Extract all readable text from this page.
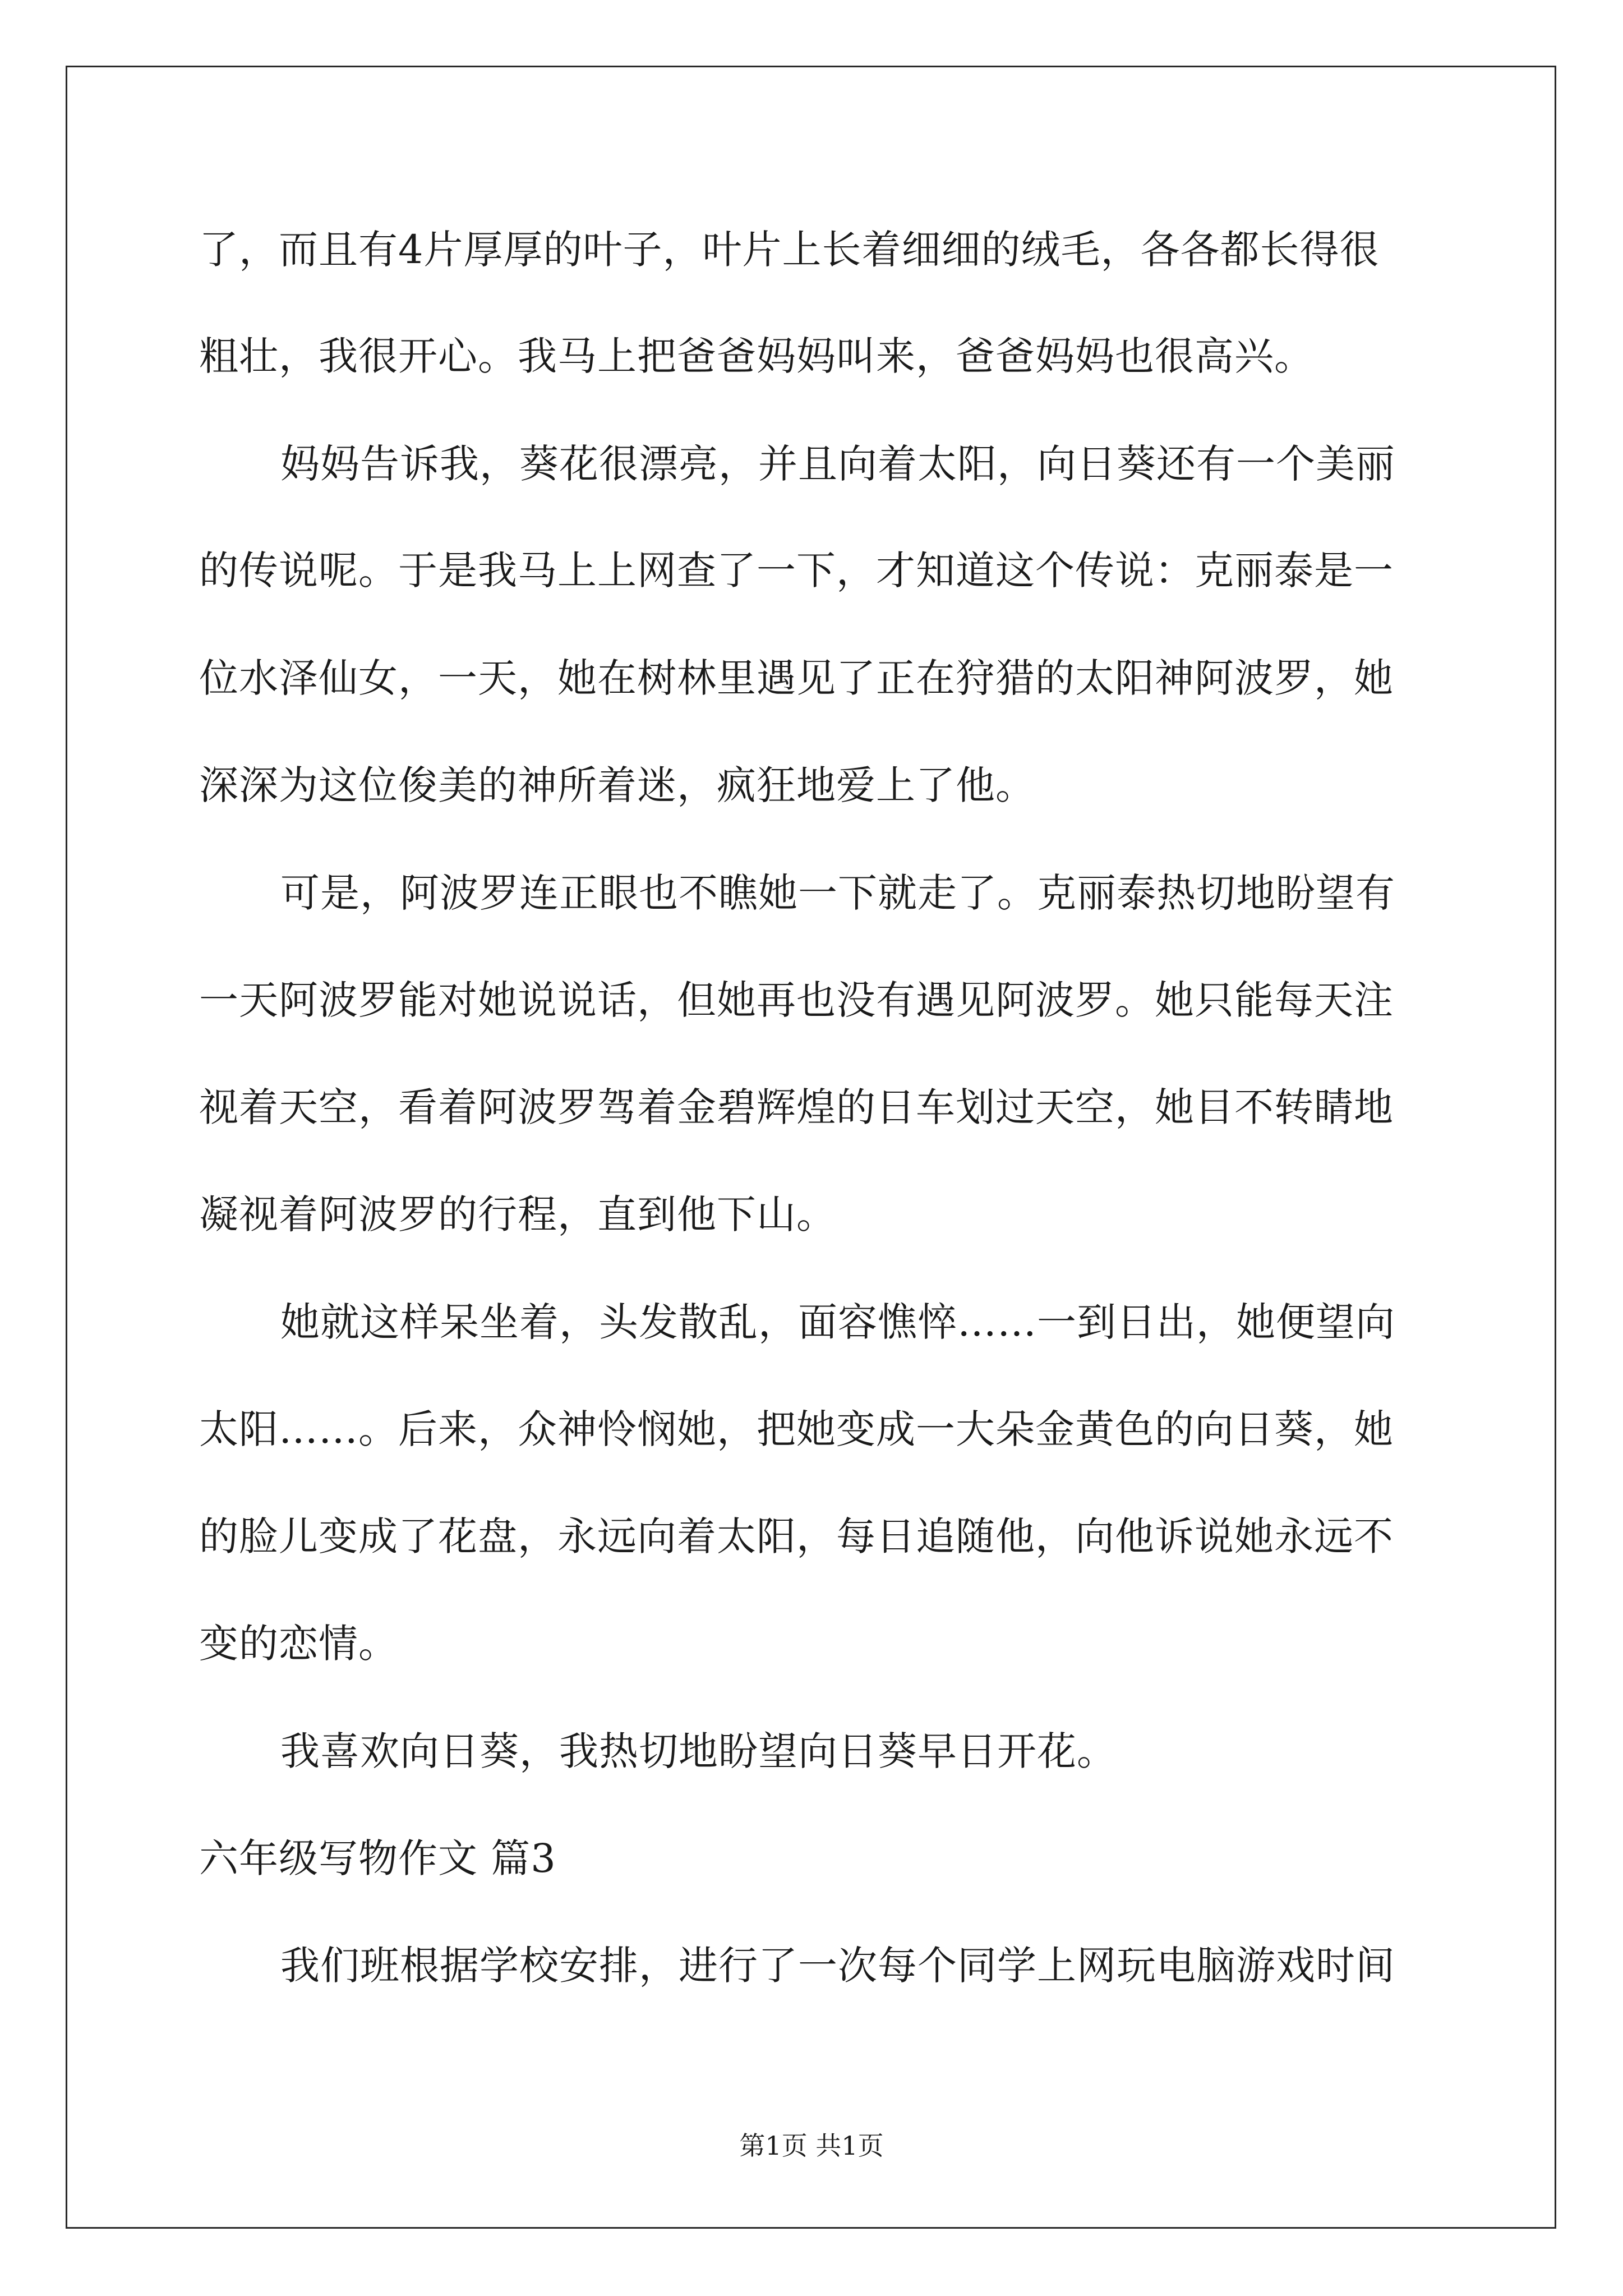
了，而且有4片厚厚的叶子，叶片上长着细细的绒毛，各各都长得很
粗壮，我很开心。我马上把爸爸妈妈叫来，爸爸妈妈也很高兴。
妈妈告诉我，葵花很漂亮，并且向着太阳，向日葵还有一个美丽
的传说呢。于是我马上上网查了一下，才知道这个传说：克丽泰是一
位水泽仙女，一天，她在树林里遇见了正在狩猎的太阳神阿波罗，她
深深为这位俊美的神所着迷，疯狂地爱上了他。
可是，阿波罗连正眼也不瞧她一下就走了。克丽泰热切地盼望有
一天阿波罗能对她说说话，但她再也没有遇见阿波罗。她只能每天注
视着天空，看着阿波罗驾着金碧辉煌的日车划过天空，她目不转睛地
凝视着阿波罗的行程，直到他下山。
她就这样呆坐着，头发散乱，面容憔悴……一到日出，她便望向
太阳……。后来，众神怜悯她，把她变成一大朵金黄色的向日葵，她
的脸儿变成了花盘，永远向着太阳，每日追随他，向他诉说她永远不
变的恋情。
我喜欢向日葵，我热切地盼望向日葵早日开花。
六年级写物作文 篇3
我们班根据学校安排，进行了一次每个同学上网玩电脑游戏时间
第1页 共1页
